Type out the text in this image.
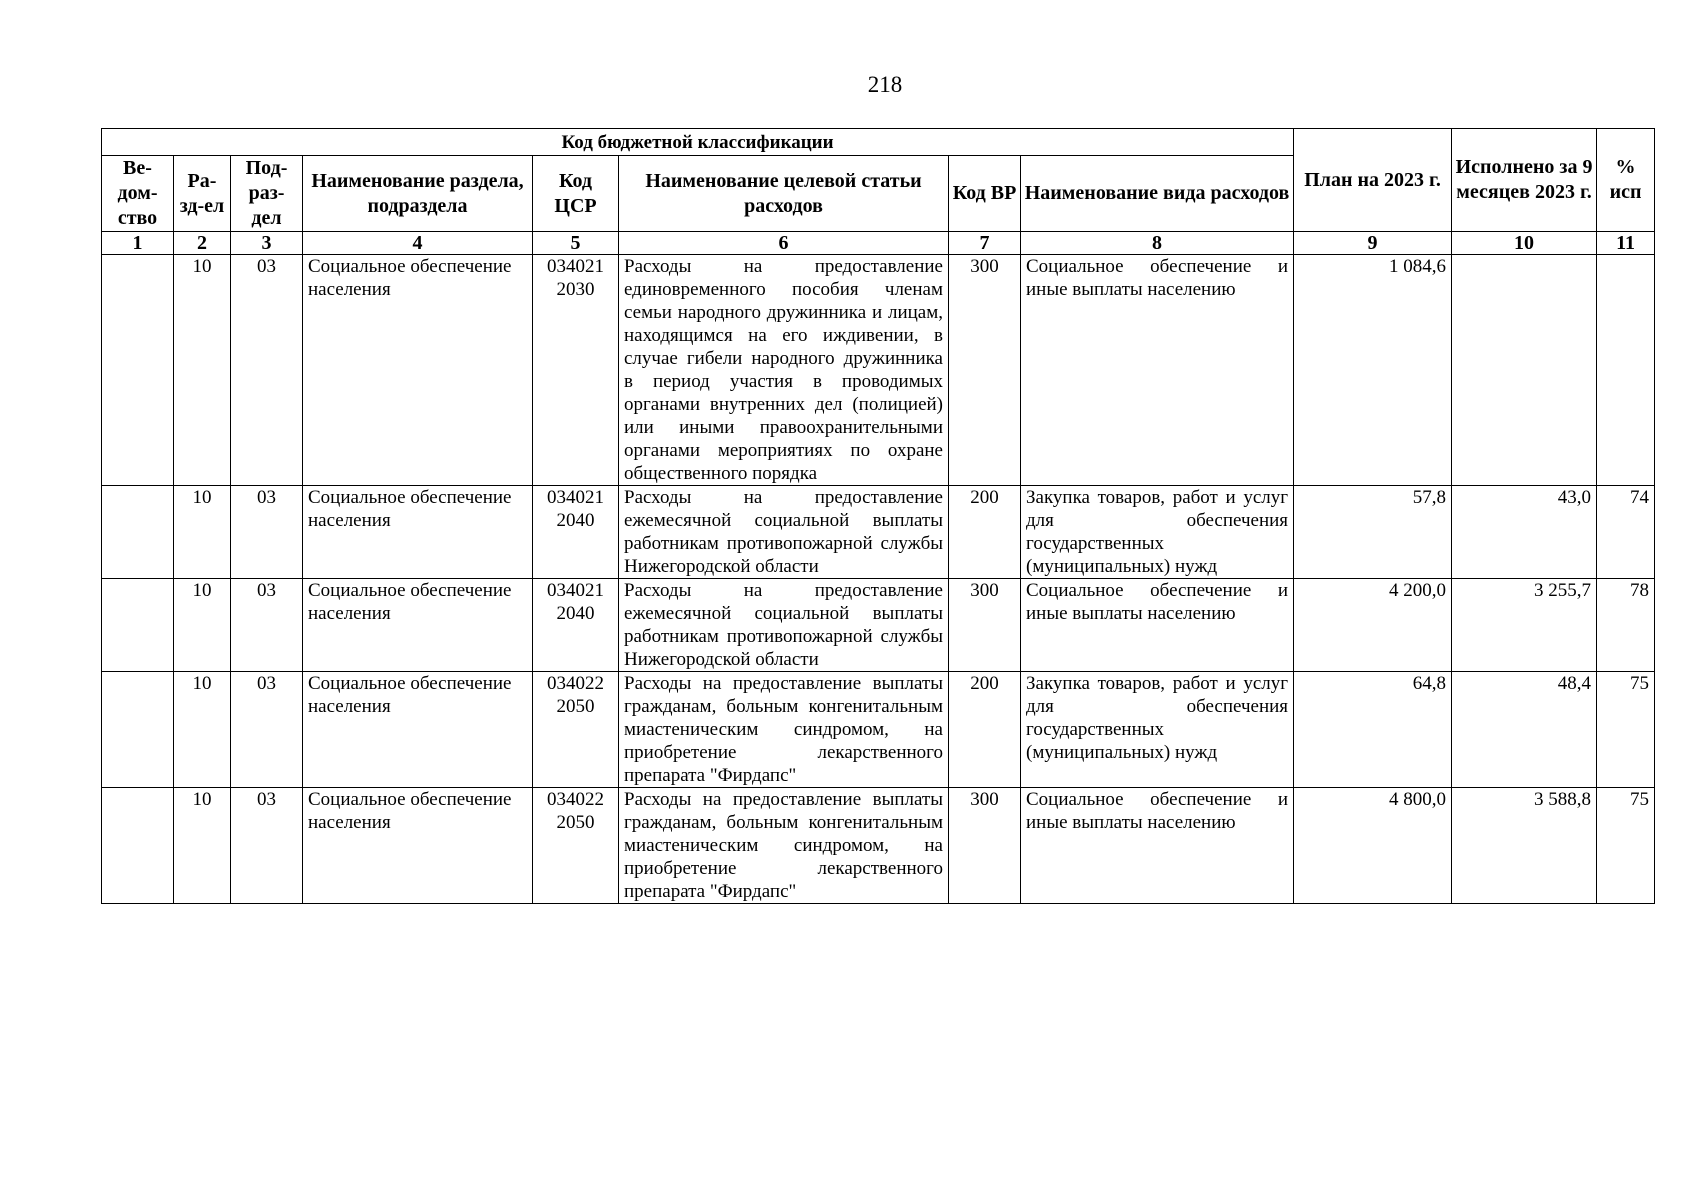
218
Код бюджетной классификации								План на 2023 г.	Исполнено за 9 месяцев 2023 г.	% исп
Ве-дом-ство	Ра-зд-ел	Под-раз-дел	Наименование раздела, подраздела	Код ЦСР	Наименование целевой статьи расходов	Код ВР	Наименование вида расходов			
1	2	3	4	5	6	7	8	9	10	11
	10	03	Социальное обеспечение населения	034021 2030	Расходы на предоставление единовременного пособия членам семьи народного дружинника и лицам, находящимся на его иждивении, в случае гибели народного дружинника в период участия в проводимых органами внутренних дел (полицией) или иными правоохранительными органами мероприятиях по охране общественного порядка	300	Социальное обеспечение и иные выплаты населению	1 084,6		
	10	03	Социальное обеспечение населения	034021 2040	Расходы на предоставление ежемесячной социальной выплаты работникам противопожарной службы Нижегородской области	200	Закупка товаров, работ и услуг для обеспечения государственных (муниципальных) нужд	57,8	43,0	74
	10	03	Социальное обеспечение населения	034021 2040	Расходы на предоставление ежемесячной социальной выплаты работникам противопожарной службы Нижегородской области	300	Социальное обеспечение и иные выплаты населению	4 200,0	3 255,7	78
	10	03	Социальное обеспечение населения	034022 2050	Расходы на предоставление выплаты гражданам, больным конгенитальным миастеническим синдромом, на приобретение лекарственного препарата "Фирдапс"	200	Закупка товаров, работ и услуг для обеспечения государственных (муниципальных) нужд	64,8	48,4	75
	10	03	Социальное обеспечение населения	034022 2050	Расходы на предоставление выплаты гражданам, больным конгенитальным миастеническим синдромом, на приобретение лекарственного препарата "Фирдапс"	300	Социальное обеспечение и иные выплаты населению	4 800,0	3 588,8	75
